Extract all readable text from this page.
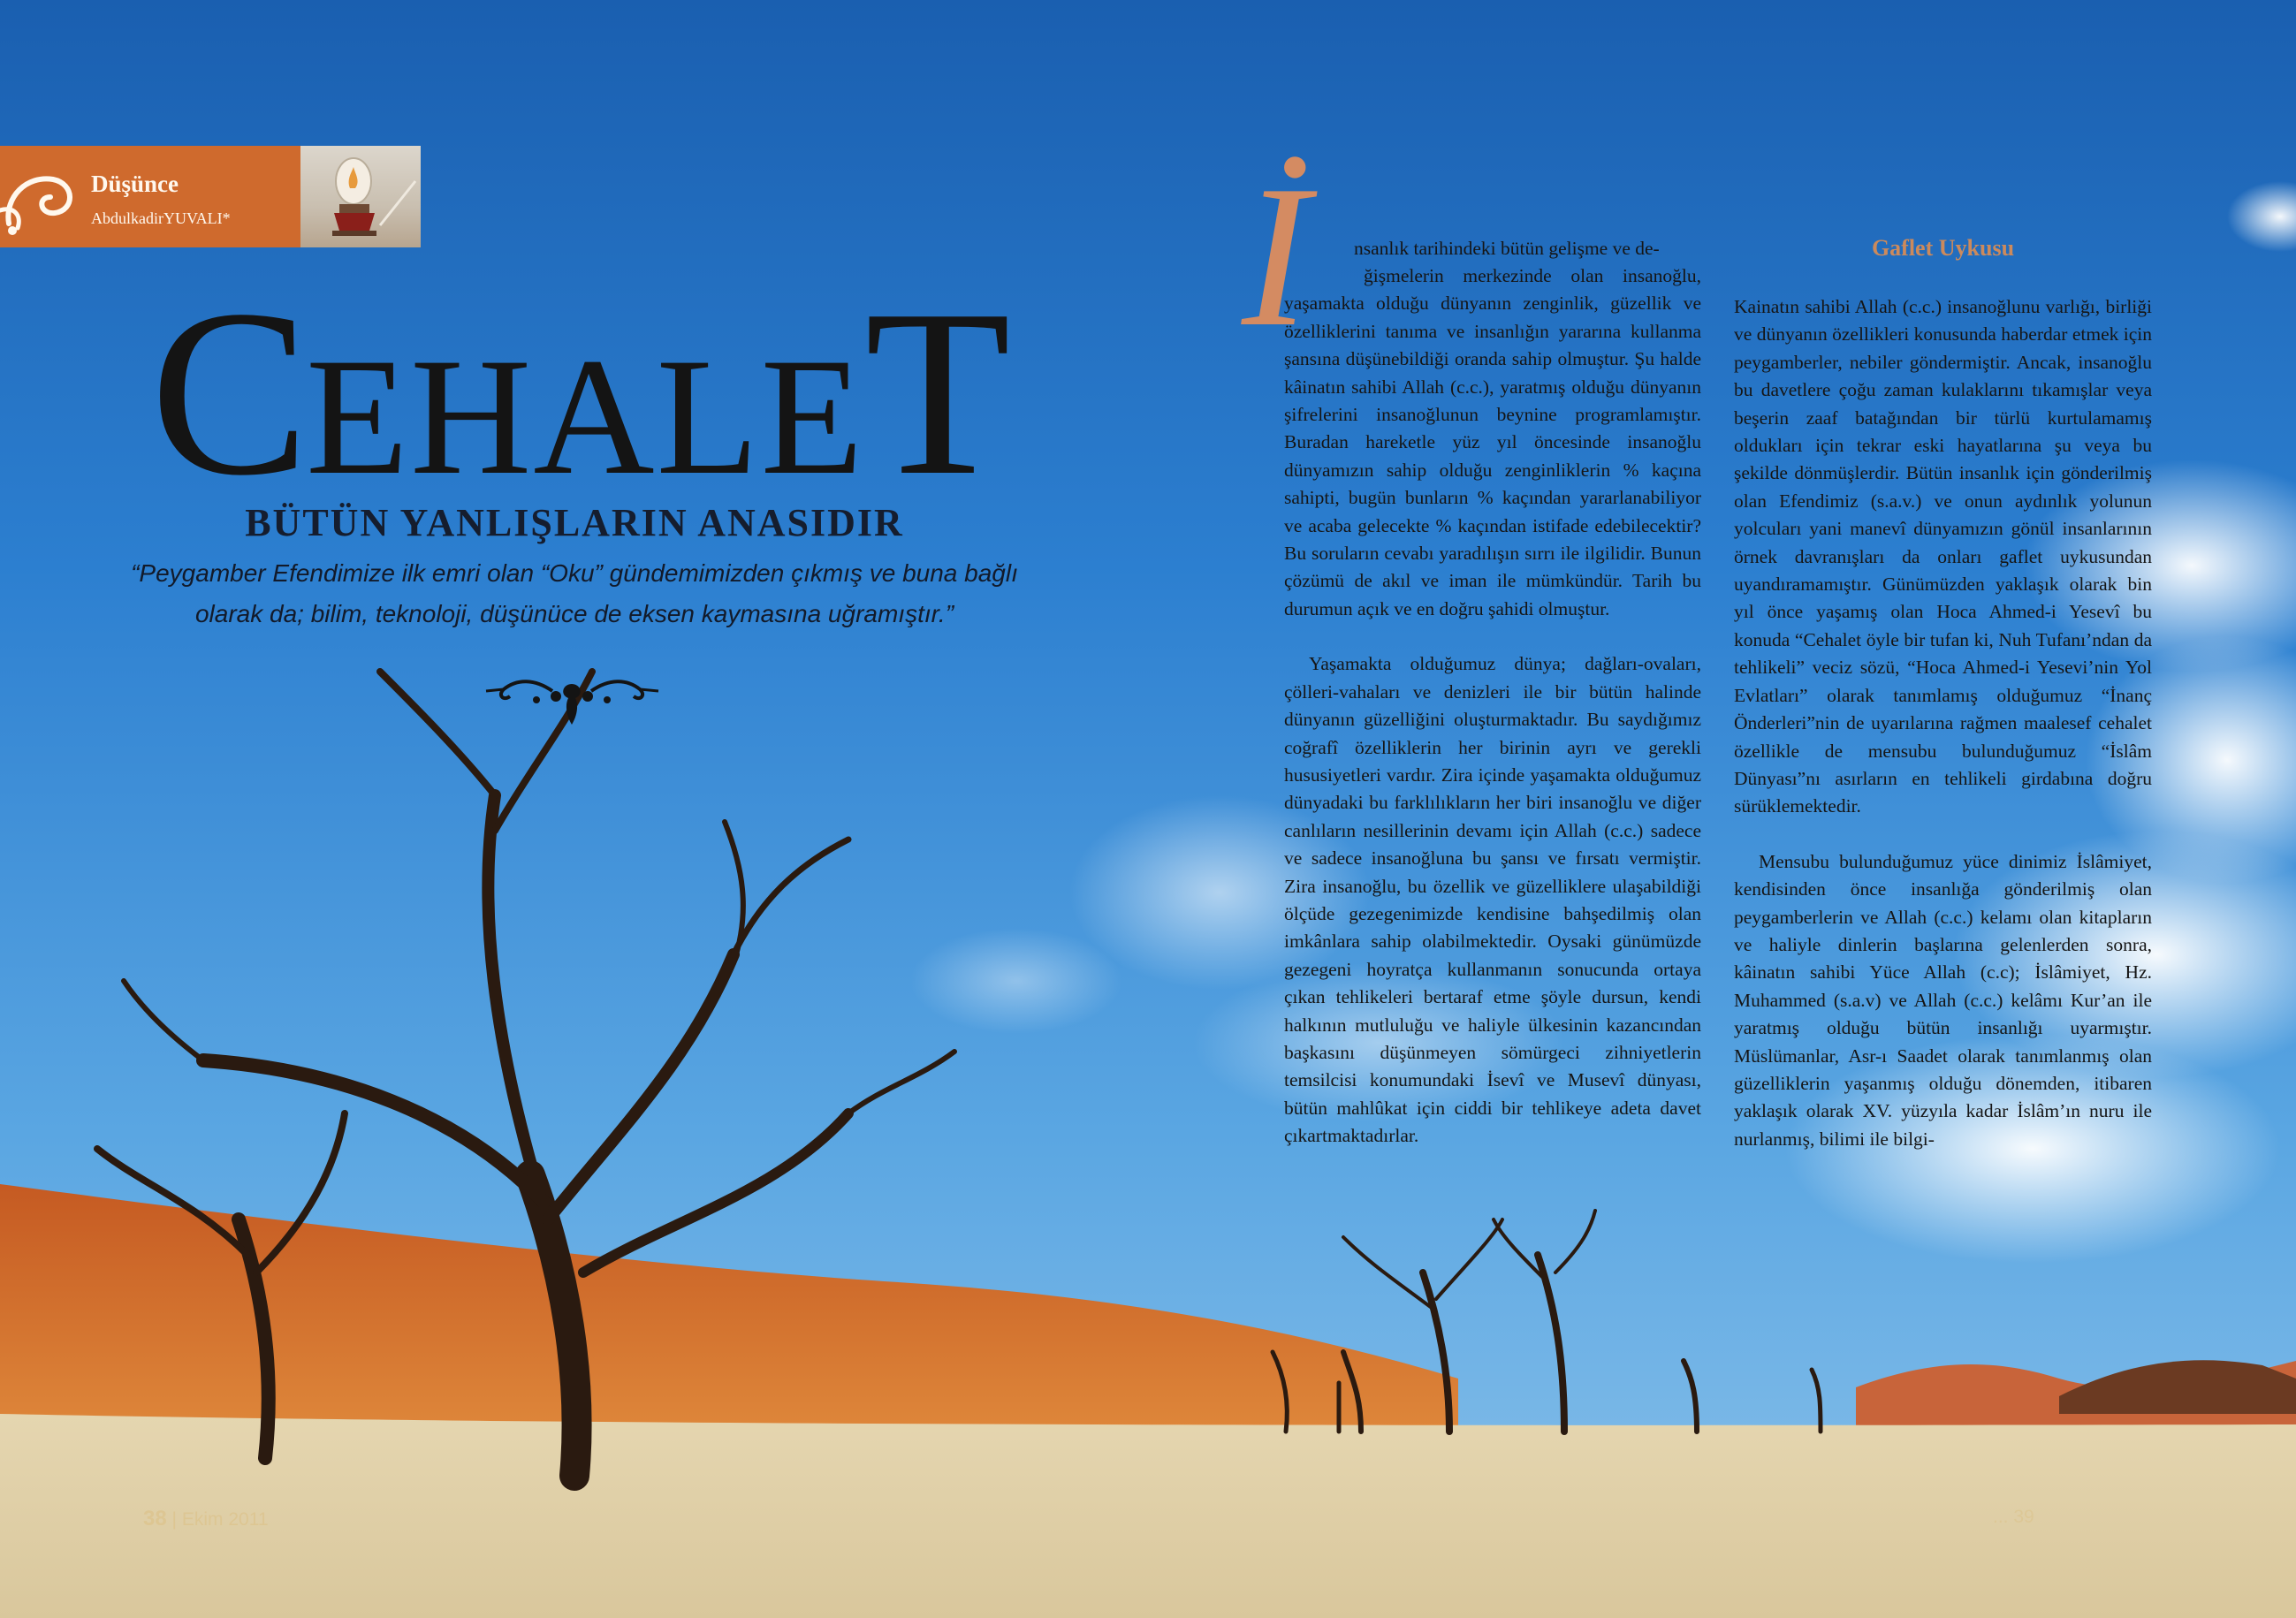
Düşünce
AbdulkadirYUVALI*
CEHALET
BÜTÜN YANLIŞLARIN ANASIDIR
“Peygamber Efendimize ilk emri olan “Oku” gündemimizden çıkmış ve buna bağlı olarak da; bilim, teknoloji, düşünüce de eksen kaymasına uğramıştır.”
İ	nsanlık tarihindeki bütün gelişme ve de-

ğişmelerin merkezinde olan insanoğlu, yaşamakta olduğu dünyanın zenginlik, güzellik ve özelliklerini tanıma ve insanlığın yararına kullanma şansına düşünebildiği oranda sahip olmuştur. Şu halde kâinatın sahibi Allah (c.c.), yaratmış olduğu dünyanın şifrelerini insanoğlunun beynine programlamıştır. Buradan hareketle yüz yıl öncesinde insanoğlu dünyamızın sahip olduğu zenginliklerin % kaçına sahipti, bugün bunların % kaçından yararlanabiliyor ve acaba gelecekte % kaçından istifade edebilecektir? Bu soruların cevabı yaradılışın sırrı ile ilgilidir. Bunun çözümü de akıl ve iman ile mümkündür. Tarih bu durumun açık ve en doğru şahidi olmuştur.

Yaşamakta olduğumuz dünya; dağları-ovaları, çölleri-vahaları ve denizleri ile bir bütün halinde dünyanın güzelliğini oluşturmaktadır. Bu saydığımız coğrafî özelliklerin her birinin ayrı ve gerekli hususiyetleri vardır. Zira içinde yaşamakta olduğumuz dünyadaki bu farklılıkların her biri insanoğlu ve diğer canlıların nesillerinin devamı için Allah (c.c.) sadece ve sadece insanoğluna bu şansı ve fırsatı vermiştir. Zira insanoğlu, bu özellik ve güzelliklere ulaşabildiği ölçüde gezegenimizde kendisine bahşedilmiş olan imkânlara sahip olabilmektedir. Oysaki günümüzde gezegeni hoyratça kullanmanın sonucunda ortaya çıkan tehlikeleri bertaraf etme şöyle dursun, kendi halkının mutluluğu ve haliyle ülkesinin kazancından başkasını düşünmeyen sömürgeci zihniyetlerin temsilcisi konumundaki İsevî ve Musevî dünyası, bütün mahlûkat için ciddi bir tehlikeye adeta davet çıkartmaktadırlar.

Gaflet Uykusu

Kainatın sahibi Allah (c.c.) insanoğlunu varlığı, birliği ve dünyanın özellikleri konusunda haberdar etmek için peygamberler, nebiler göndermiştir. Ancak, insanoğlu bu davetlere çoğu zaman kulaklarını tıkamışlar veya beşerin zaaf batağından bir türlü kurtulamamış oldukları için tekrar eski hayatlarına şu veya bu şekilde dönmüşlerdir. Bütün insanlık için gönderilmiş olan Efendimiz (s.a.v.) ve onun aydınlık yolunun yolcuları yani manevî dünyamızın gönül insanlarının örnek davranışları da onları gaflet uykusundan uyandıramamıştır. Günümüzden yaklaşık olarak bin yıl önce yaşamış olan Hoca Ahmed-i Yesevî bu konuda “Cehalet öyle bir tufan ki, Nuh Tufanı’ndan da tehlikeli” veciz sözü, “Hoca Ahmed-i Yesevi’nin Yol Evlatları” olarak tanımlamış olduğumuz “İnanç Önderleri”nin de uyarılarına rağmen maalesef cehalet özellikle de mensubu bulunduğumuz “İslâm Dünyası”nı asırların en tehlikeli girdabına doğru sürüklemektedir.

Mensubu bulunduğumuz yüce dinimiz İslâmiyet, kendisinden önce insanlığa gönderilmiş olan peygamberlerin ve Allah (c.c.) kelamı olan kitapların ve haliyle dinlerin başlarına gelenlerden sonra, kâinatın sahibi Yüce Allah (c.c); İslâmiyet, Hz. Muhammed (s.a.v) ve Allah (c.c.) kelâmı Kur’an ile yaratmış olduğu bütün insanlığı uyarmıştır. Müslümanlar, Asr-ı Saadet olarak tanımlanmış olan güzelliklerin yaşanmış olduğu dönemden, itibaren yaklaşık olarak XV. yüzyıla kadar İslâm’ın nuru ile nurlanmış, bilimi ile bilgi-

38 | Ekim 2011	... 39
